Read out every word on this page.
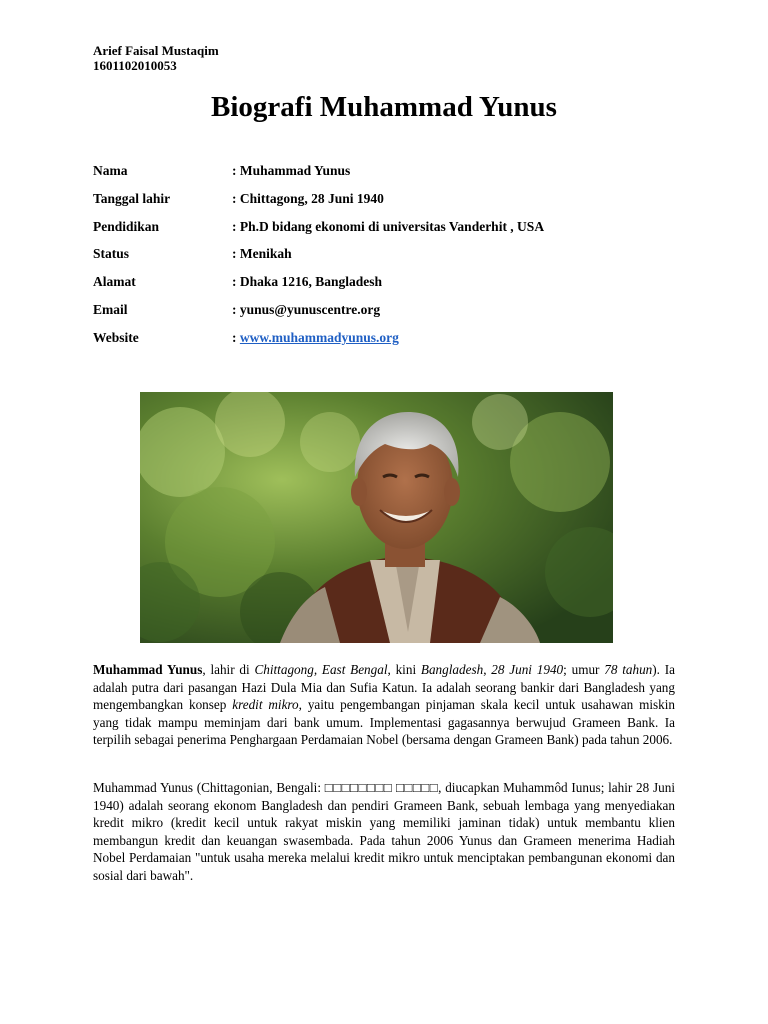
Arief Faisal Mustaqim
1601102010053
Biografi Muhammad Yunus
Nama	: Muhammad Yunus
Tanggal lahir	: Chittagong, 28 Juni 1940
Pendidikan	: Ph.D bidang ekonomi di universitas Vanderhit , USA
Status	: Menikah
Alamat	: Dhaka 1216, Bangladesh
Email	: yunus@yunuscentre.org
Website	: www.muhammadyunus.org
Muhammad Yunus, lahir di Chittagong, East Bengal, kini Bangladesh, 28 Juni 1940; umur 78 tahun). Ia adalah putra dari pasangan Hazi Dula Mia dan Sufia Katun. Ia adalah seorang bankir dari Bangladesh yang mengembangkan konsep kredit mikro, yaitu pengembangan pinjaman skala kecil untuk usahawan miskin yang tidak mampu meminjam dari bank umum. Implementasi gagasannya berwujud Grameen Bank. Ia terpilih sebagai penerima Penghargaan Perdamaian Nobel (bersama dengan Grameen Bank) pada tahun 2006.
Muhammad Yunus (Chittagonian, Bengali: □□□□□□□□ □□□□□, diucapkan Muhammôd Iunus; lahir 28 Juni 1940) adalah seorang ekonom Bangladesh dan pendiri Grameen Bank, sebuah lembaga yang menyediakan kredit mikro (kredit kecil untuk rakyat miskin yang memiliki jaminan tidak) untuk membantu klien membangun kredit dan keuangan swasembada. Pada tahun 2006 Yunus dan Grameen menerima Hadiah Nobel Perdamaian "untuk usaha mereka melalui kredit mikro untuk menciptakan pembangunan ekonomi dan sosial dari bawah".
